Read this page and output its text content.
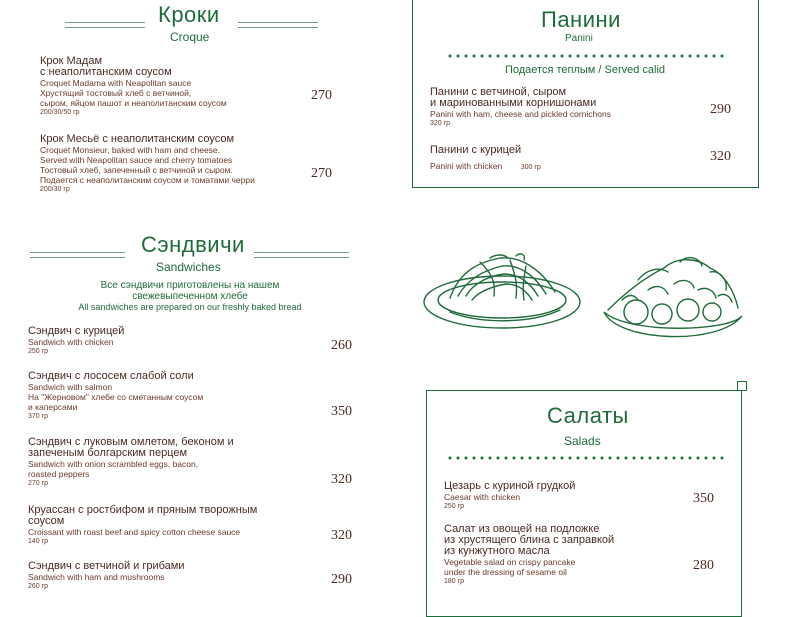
Кроки
Croque
Крок Мадам
с неаполитанским соусом
Croquet Madama with Neapolitan sauce
Хрустящий тостовый хлеб с ветчиной,
сыром, яйцом пашот и неаполитанским соусом
200/30/50 гр
270
Крок Месьё с неаполитанским соусом
Croquet Monsieur, baked with ham and cheese.
Served with Neapolitan sauce and cherry tomatoes
Тостовый хлеб, запеченный с ветчиной и сыром.
Подается с неаполитанским соусом и томатами черри
200/30 гр
270
Сэндвичи
Sandwiches
Все сэндвичи приготовлены на нашем
свежевыпеченном хлебе
All sandwiches are prepared on our freshly baked bread
Сэндвич с курицей
Sandwich with chicken
250 гр	260
Сэндвич с лососем слабой соли
Sandwich with salmon
На "Жерновом" хлебе со сметанным соусом
и каперсами
370 гр	350
Сэндвич с луковым омлетом, беконом и
запеченым болгарским перцем
Sandwich with onion scrambled eggs, bacon,
roasted peppers
270 гр	320
Круассан с ростбифом и пряным творожным
соусом
Croissant with roast beef and spicy cotton cheese sauce
140 гр	320
Сэндвич с ветчиной и грибами
Sandwich with ham and mushrooms
260 гр	290
Панини
Panini
Подается теплым / Served calid
Панини с ветчиной, сыром
и маринованными корнишонами
Panini with ham, cheese and pickled cornichons
320 гр
290
Панини с курицей
Panini with chicken	300 гр
320
Салаты
Salads
Цезарь с куриной грудкой
Caesar with chicken
250 гр
350
Салат из овощей на подложке
из хрустящего блина с заправкой
из кунжутного масла
Vegetable salad on crispy pancake
under the dressing of sesame oil
180 гр
280
